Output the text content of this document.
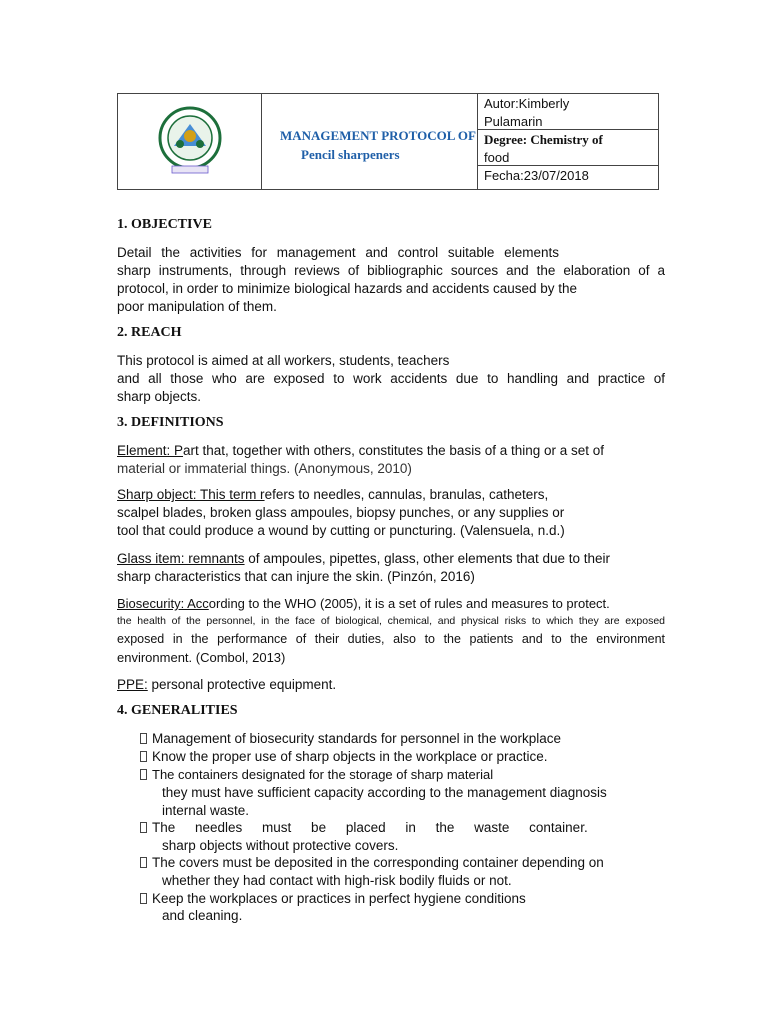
MANAGEMENT PROTOCOL OF
Pencil sharpeners
Autor:Kimberly
Pulamarin
Degree: Chemistry of
food
Fecha:23/07/2018
1. OBJECTIVE
Detail the activities for management and control suitable elements
sharp instruments, through reviews of bibliographic sources and the elaboration of a
protocol, in order to minimize biological hazards and accidents caused by the
poor manipulation of them.
2. REACH
This protocol is aimed at all workers, students, teachers
and all those who are exposed to work accidents due to handling and practice of
sharp objects.
3. DEFINITIONS
Element: Part that, together with others, constitutes the basis of a thing or a set of
material or immaterial things. (Anonymous, 2010)
Sharp object: This term refers to needles, cannulas, branulas, catheters,
scalpel blades, broken glass ampoules, biopsy punches, or any supplies or
tool that could produce a wound by cutting or puncturing. (Valensuela, n.d.)
Glass item: remnants of ampoules, pipettes, glass, other elements that due to their
sharp characteristics that can injure the skin. (Pinzón, 2016)
Biosecurity: According to the WHO (2005), it is a set of rules and measures to protect.
the health of the personnel, in the face of biological, chemical, and physical risks to which they are exposed
exposed in the performance of their duties, also to the patients and to the environment
environment. (Combol, 2013)
PPE: personal protective equipment.
4. GENERALITIES
Management of biosecurity standards for personnel in the workplace
Know the proper use of sharp objects in the workplace or practice.
The containers designated for the storage of sharp material
they must have sufficient capacity according to the management diagnosis
internal waste.
The needles must be placed in the waste container.
sharp objects without protective covers.
The covers must be deposited in the corresponding container depending on
whether they had contact with high-risk bodily fluids or not.
Keep the workplaces or practices in perfect hygiene conditions
and cleaning.
